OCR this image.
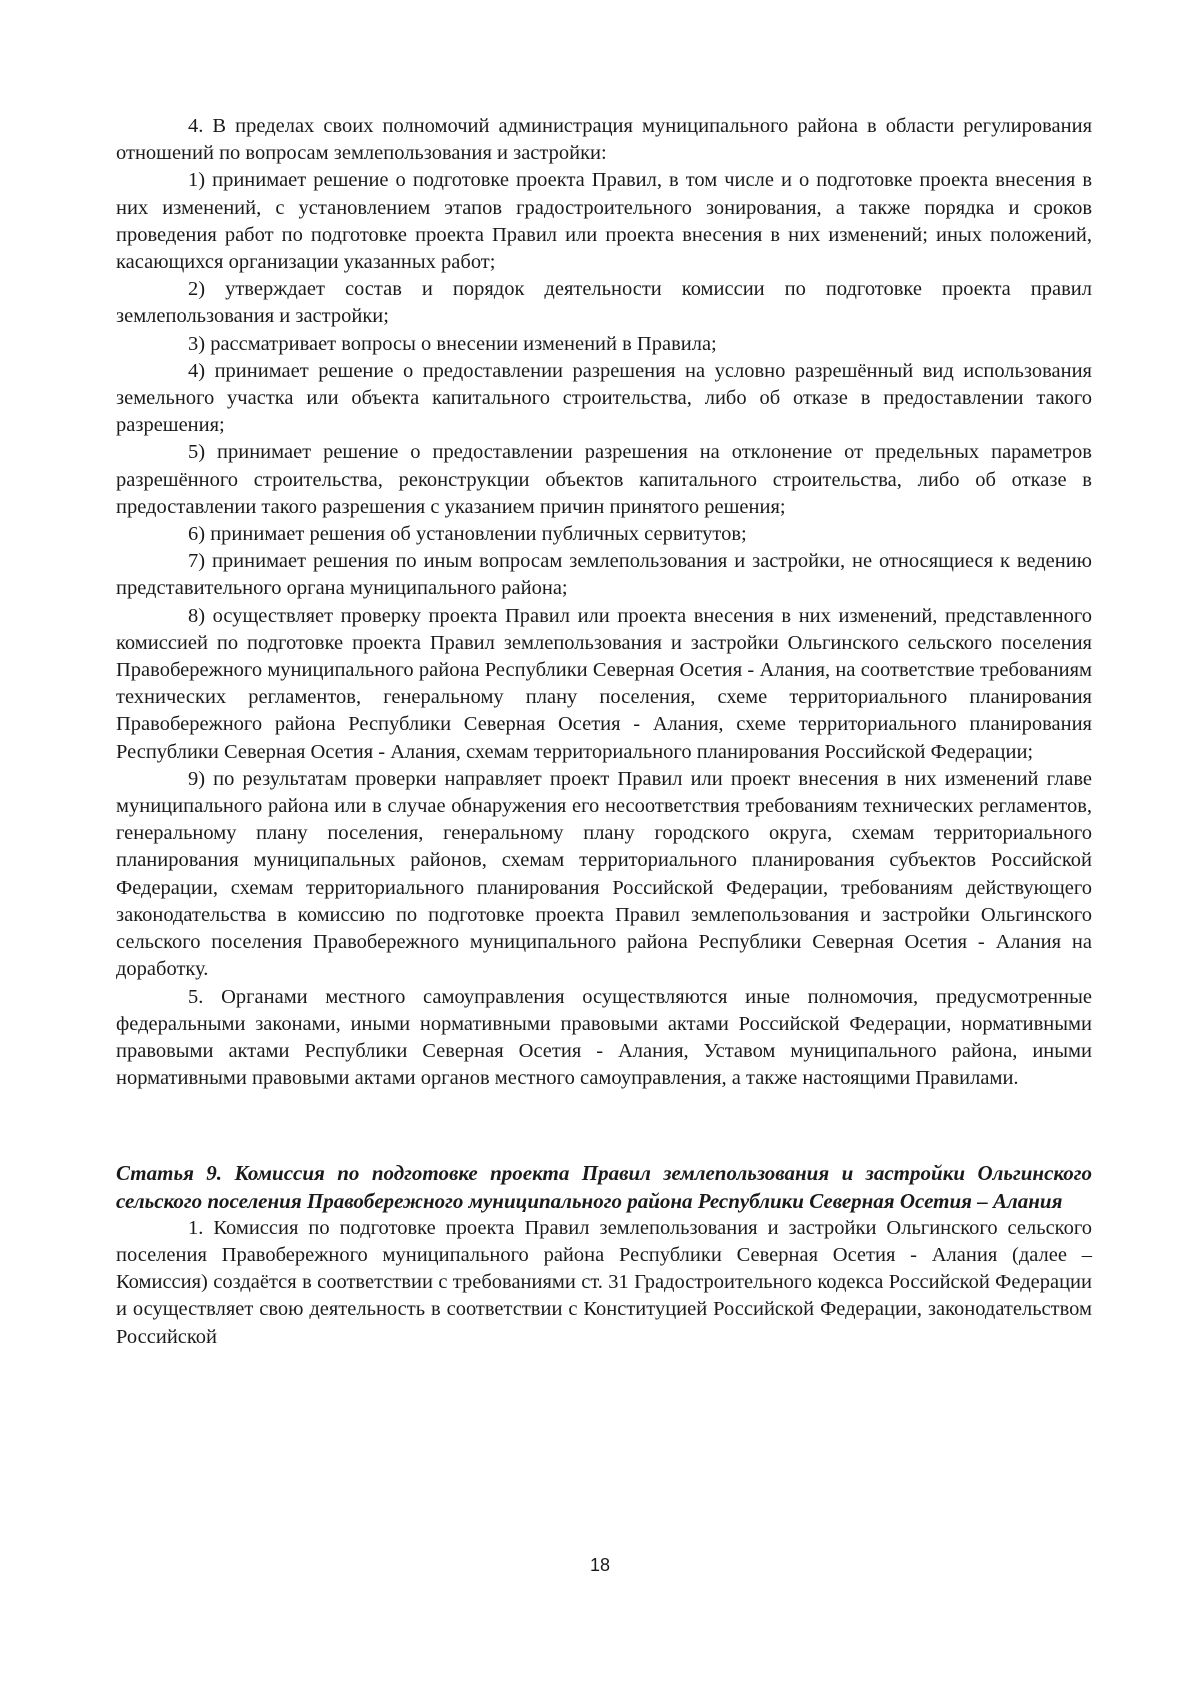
4. В пределах своих полномочий администрация муниципального района в области регулирования отношений по вопросам землепользования и застройки:

1) принимает решение о подготовке проекта Правил, в том числе и о подготовке проекта внесения в них изменений, с установлением этапов градостроительного зонирования, а также порядка и сроков проведения работ по подготовке проекта Правил или проекта внесения в них изменений; иных положений, касающихся организации указанных работ;

2) утверждает состав и порядок деятельности комиссии по подготовке проекта правил землепользования и застройки;

3) рассматривает вопросы о внесении изменений в Правила;

4) принимает решение о предоставлении разрешения на условно разрешённый вид использования земельного участка или объекта капитального строительства, либо об отказе в предоставлении такого разрешения;

5) принимает решение о предоставлении разрешения на отклонение от предельных параметров разрешённого строительства, реконструкции объектов капитального строительства, либо об отказе в предоставлении такого разрешения с указанием причин принятого решения;

6) принимает решения об установлении публичных сервитутов;

7) принимает решения по иным вопросам землепользования и застройки, не относящиеся к ведению представительного органа муниципального района;

8) осуществляет проверку проекта Правил или проекта внесения в них изменений, представленного комиссией по подготовке проекта Правил землепользования и застройки Ольгинского сельского поселения Правобережного муниципального района Республики Северная Осетия - Алания, на соответствие требованиям технических регламентов, генеральному плану поселения, схеме территориального планирования Правобережного района Республики Северная Осетия - Алания, схеме территориального планирования Республики Северная Осетия - Алания, схемам территориального планирования Российской Федерации;

9) по результатам проверки направляет проект Правил или проект внесения в них изменений главе муниципального района или в случае обнаружения его несоответствия требованиям технических регламентов, генеральному плану поселения, генеральному плану городского округа, схемам территориального планирования муниципальных районов, схемам территориального планирования субъектов Российской Федерации, схемам территориального планирования Российской Федерации, требованиям действующего законодательства в комиссию по подготовке проекта Правил землепользования и застройки Ольгинского сельского поселения Правобережного муниципального района Республики Северная Осетия - Алания на доработку.

5. Органами местного самоуправления осуществляются иные полномочия, предусмотренные федеральными законами, иными нормативными правовыми актами Российской Федерации, нормативными правовыми актами Республики Северная Осетия - Алания, Уставом муниципального района, иными нормативными правовыми актами органов местного самоуправления, а также настоящими Правилами.

Статья 9. Комиссия по подготовке проекта Правил землепользования и застройки Ольгинского сельского поселения Правобережного муниципального района Республики Северная Осетия – Алания

1. Комиссия по подготовке проекта Правил землепользования и застройки Ольгинского сельского поселения Правобережного муниципального района Республики Северная Осетия - Алания (далее – Комиссия) создаётся в соответствии с требованиями ст. 31 Градостроительного кодекса Российской Федерации и осуществляет свою деятельность в соответствии с Конституцией Российской Федерации, законодательством Российской

18
